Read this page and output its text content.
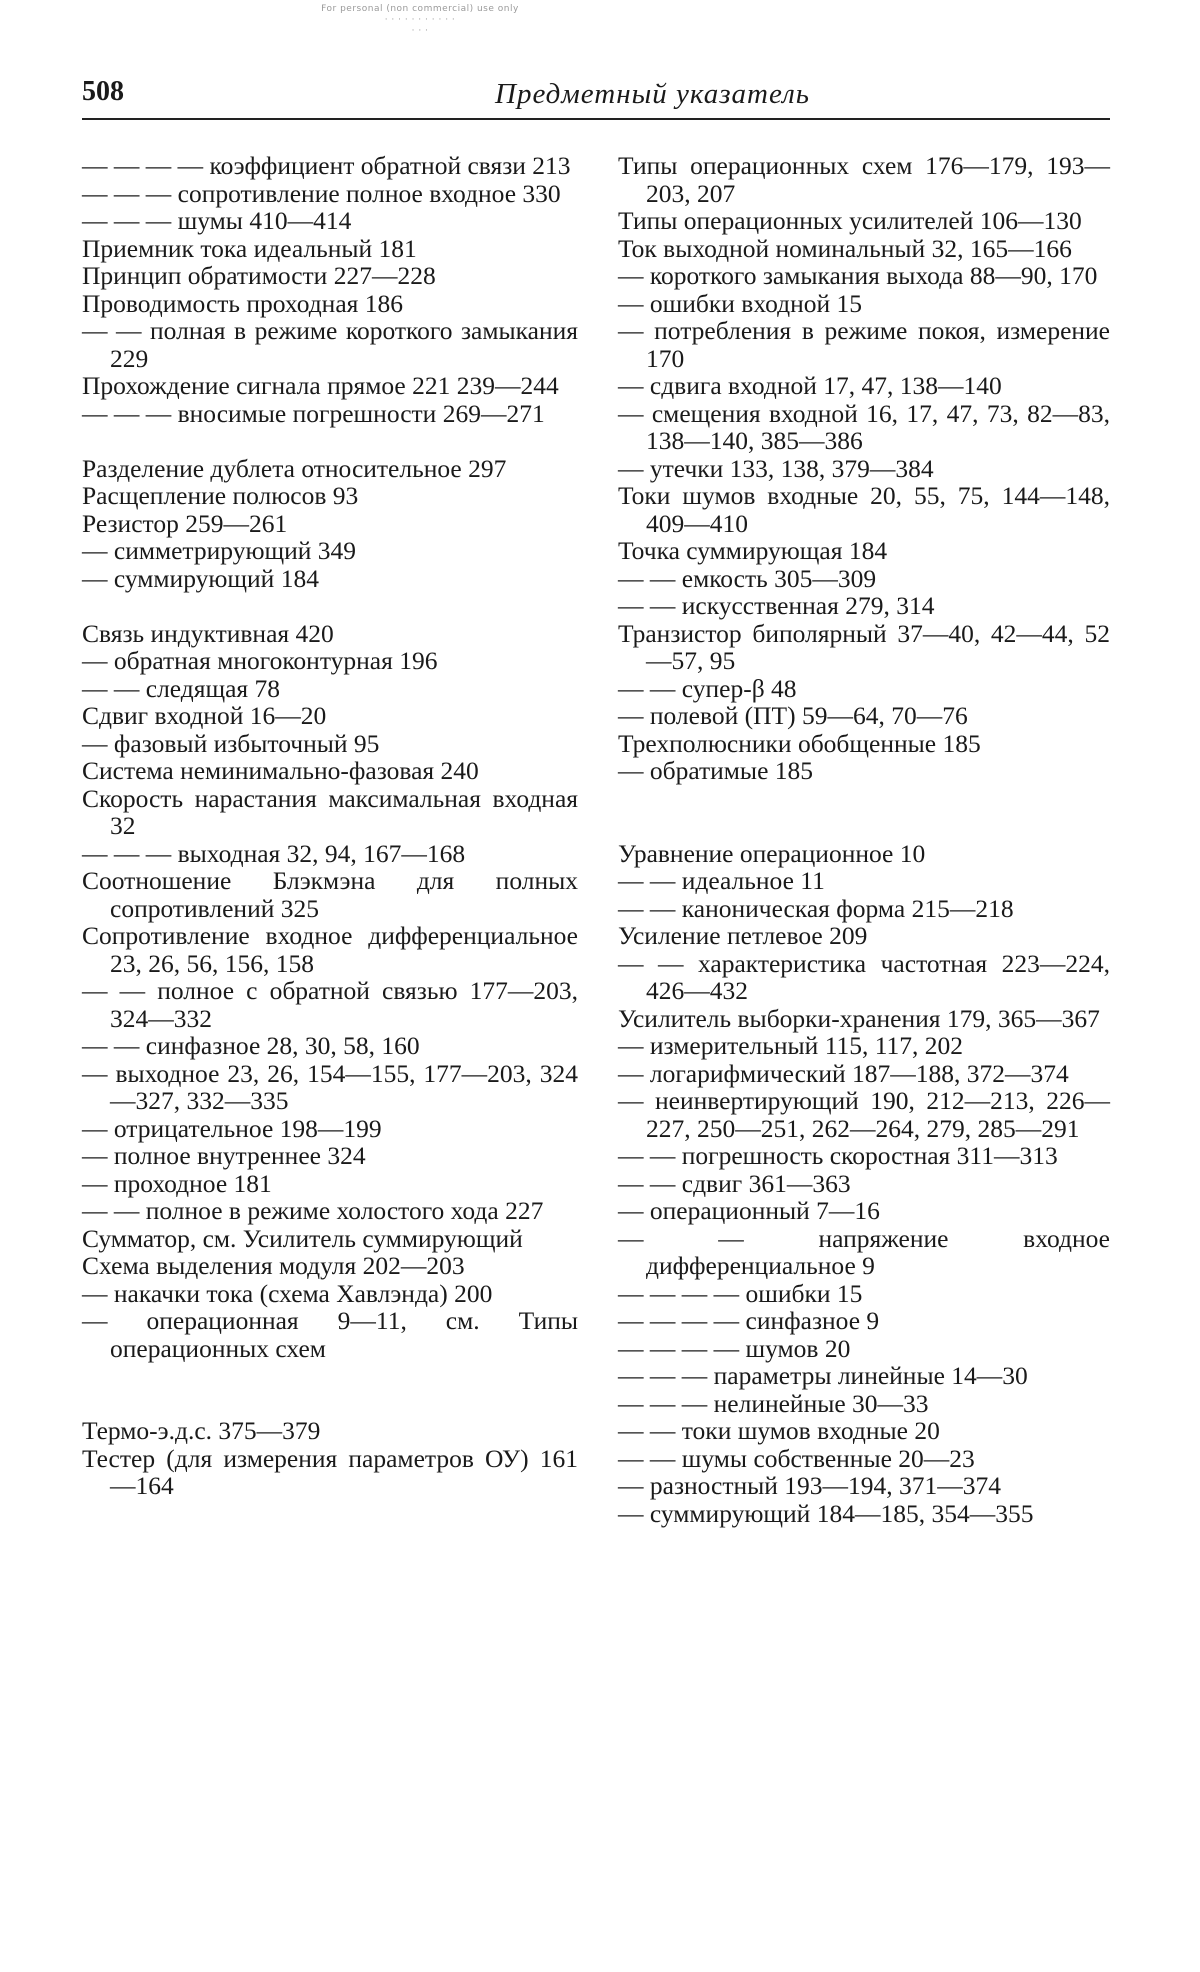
For personal (non commercial) use only
· · · · · · · · · · ·
· · ·
508	Предметный указатель
— — — — коэффициент обратной связи 213
— — — сопротивление полное входное 330
— — — шумы 410—414
Приемник тока идеальный 181
Принцип обратимости 227—228
Проводимость проходная 186
— — полная в режиме короткого замыкания 229
Прохождение сигнала прямое 221 239—244
— — — вносимые погрешности 269—271
Разделение дублета относительное 297
Расщепление полюсов 93
Резистор 259—261
— симметрирующий 349
— суммирующий 184
Связь индуктивная 420
— обратная многоконтурная 196
— — следящая 78
Сдвиг входной 16—20
— фазовый избыточный 95
Система неминимально-фазовая 240
Скорость нарастания максимальная входная 32
— — — выходная 32, 94, 167—168
Соотношение Блэкмэна для полных сопротивлений 325
Сопротивление входное дифференциальное 23, 26, 56, 156, 158
— — полное с обратной связью 177—203, 324—332
— — синфазное 28, 30, 58, 160
— выходное 23, 26, 154—155, 177—203, 324—327, 332—335
— отрицательное 198—199
— полное внутреннее 324
— проходное 181
— — полное в режиме холостого хода 227
Сумматор, см. Усилитель суммирующий
Схема выделения модуля 202—203
— накачки тока (схема Хавлэнда) 200
— операционная 9—11, см. Типы операционных схем
Термо-э.д.с. 375—379
Тестер (для измерения параметров ОУ) 161—164
Типы операционных схем 176—179, 193—203, 207
Типы операционных усилителей 106—130
Ток выходной номинальный 32, 165—166
— короткого замыкания выхода 88—90, 170
— ошибки входной 15
— потребления в режиме покоя, измерение 170
— сдвига входной 17, 47, 138—140
— смещения входной 16, 17, 47, 73, 82—83, 138—140, 385—386
— утечки 133, 138, 379—384
Токи шумов входные 20, 55, 75, 144—148, 409—410
Точка суммирующая 184
— — емкость 305—309
— — искусственная 279, 314
Транзистор биполярный 37—40, 42—44, 52—57, 95
— — супер-β 48
— полевой (ПТ) 59—64, 70—76
Трехполюсники обобщенные 185
— обратимые 185
Уравнение операционное 10
— — идеальное 11
— — каноническая форма 215—218
Усиление петлевое 209
— — характеристика частотная 223—224, 426—432
Усилитель выборки-хранения 179, 365—367
— измерительный 115, 117, 202
— логарифмический 187—188, 372—374
— неинвертирующий 190, 212—213, 226—227, 250—251, 262—264, 279, 285—291
— — погрешность скоростная 311—313
— — сдвиг 361—363
— операционный 7—16
— — напряжение входное дифференциальное 9
— — — — ошибки 15
— — — — синфазное 9
— — — — шумов 20
— — — параметры линейные 14—30
— — — нелинейные 30—33
— — токи шумов входные 20
— — шумы собственные 20—23
— разностный 193—194, 371—374
— суммирующий 184—185, 354—355
